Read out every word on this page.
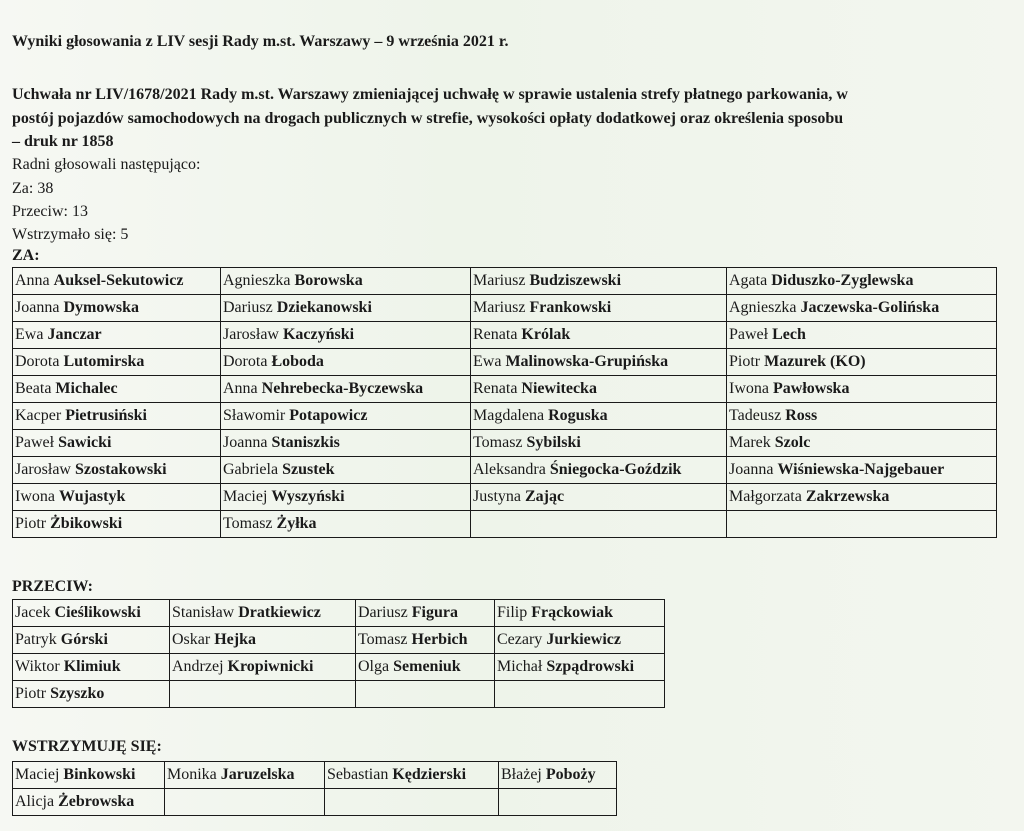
Wyniki głosowania z LIV sesji Rady m.st. Warszawy – 9 września 2021 r.
Uchwała nr LIV/1678/2021 Rady m.st. Warszawy zmieniającej uchwałę w sprawie ustalenia strefy płatnego parkowania, w
postój pojazdów samochodowych na drogach publicznych w strefie, wysokości opłaty dodatkowej oraz określenia sposobu
– druk nr 1858
Radni głosowali następująco:
Za: 38
Przeciw: 13
Wstrzymało się: 5
ZA:
Anna Auksel-Sekutowicz	Agnieszka Borowska	Mariusz Budziszewski	Agata Diduszko-Zyglewska
Joanna Dymowska	Dariusz Dziekanowski	Mariusz Frankowski	Agnieszka Jaczewska-Golińska
Ewa Janczar	Jarosław Kaczyński	Renata Królak	Paweł Lech
Dorota Lutomirska	Dorota Łoboda	Ewa Malinowska-Grupińska	Piotr Mazurek (KO)
Beata Michalec	Anna Nehrebecka-Byczewska	Renata Niewitecka	Iwona Pawłowska
Kacper Pietrusiński	Sławomir Potapowicz	Magdalena Roguska	Tadeusz Ross
Paweł Sawicki	Joanna Staniszkis	Tomasz Sybilski	Marek Szolc
Jarosław Szostakowski	Gabriela Szustek	Aleksandra Śniegocka-Goździk	Joanna Wiśniewska-Najgebauer
Iwona Wujastyk	Maciej Wyszyński	Justyna Zając	Małgorzata Zakrzewska
Piotr Żbikowski	Tomasz Żyłka		
PRZECIW:
Jacek Cieślikowski	Stanisław Dratkiewicz	Dariusz Figura	Filip Frąckowiak
Patryk Górski	Oskar Hejka	Tomasz Herbich	Cezary Jurkiewicz
Wiktor Klimiuk	Andrzej Kropiwnicki	Olga Semeniuk	Michał Szpądrowski
Piotr Szyszko			
WSTRZYMUJĘ SIĘ:
Maciej Binkowski	Monika Jaruzelska	Sebastian Kędzierski	Błażej Poboży
Alicja Żebrowska			
